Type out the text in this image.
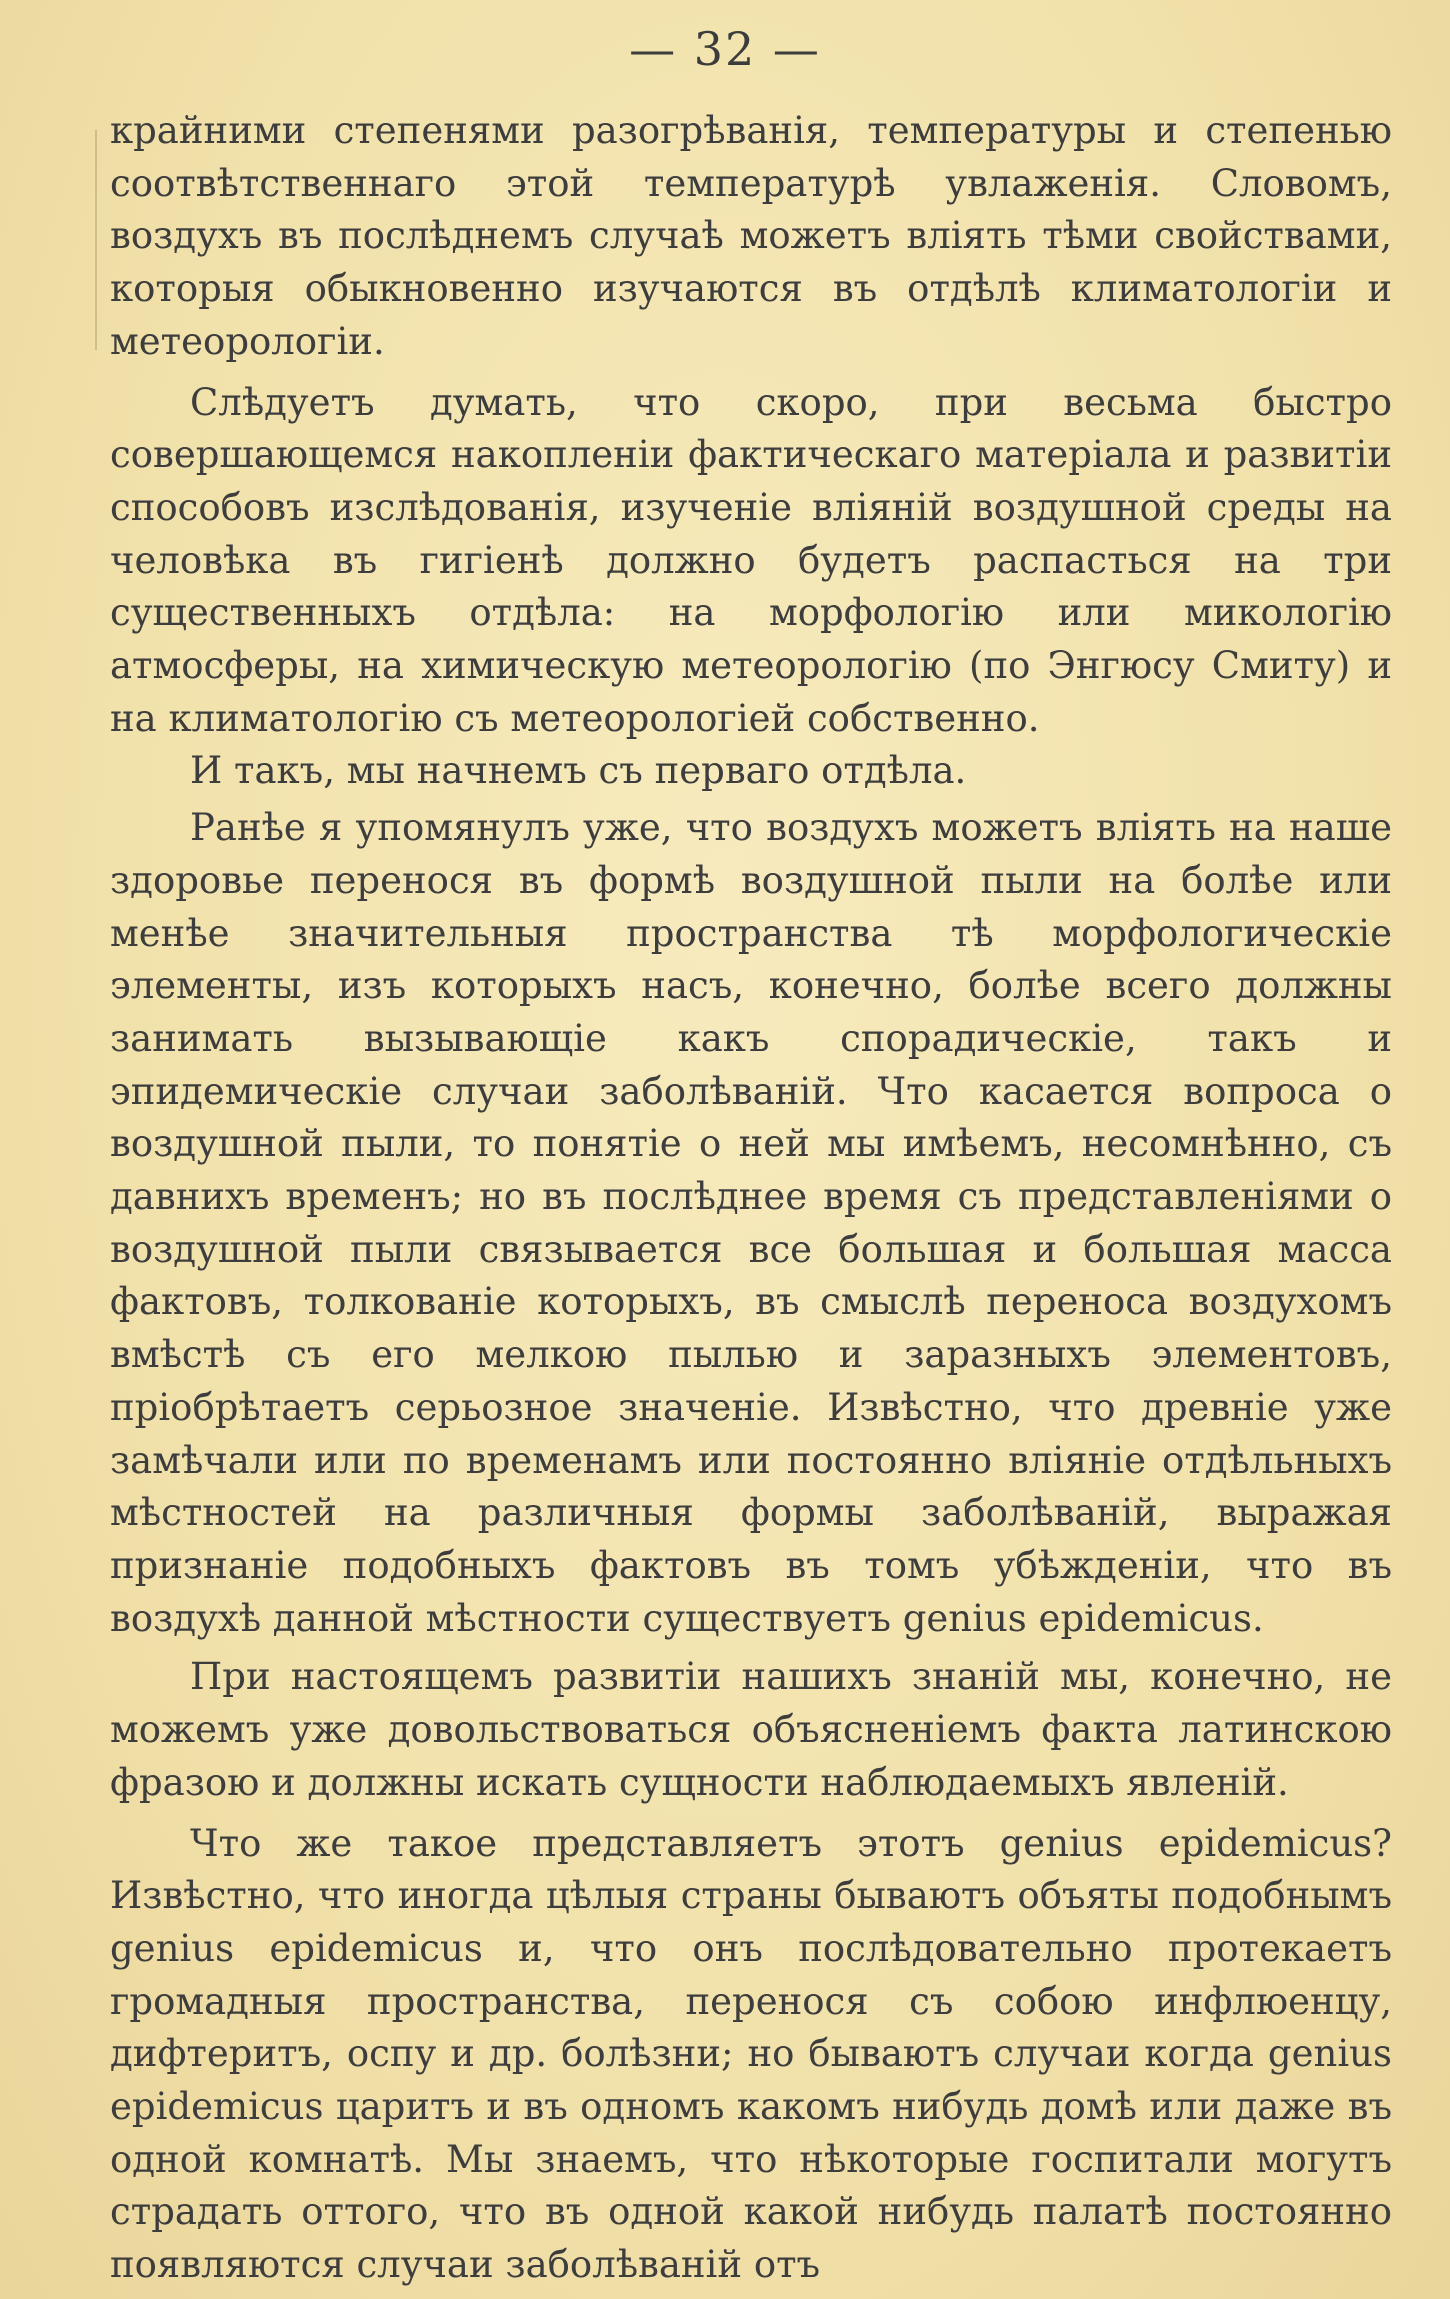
— 32 —

крайними степенями разогрѣванія, температуры и степенью соотвѣтственнаго этой температурѣ увлаженія. Словомъ, воздухъ въ послѣднемъ случаѣ можетъ вліять тѣми свойствами, которыя обыкновенно изучаются въ отдѣлѣ климатологіи и метеорологіи.

Слѣдуетъ думать, что скоро, при весьма быстро совершающемся накопленіи фактическаго матеріала и развитіи способовъ изслѣдованія, изученіе вліяній воздушной среды на человѣка въ гигіенѣ должно будетъ распасться на три существенныхъ отдѣла: на морфологію или микологію атмосферы, на химическую метеорологію (по Энгюсу Смиту) и на климатологію съ метеорологіей собственно.

И такъ, мы начнемъ съ перваго отдѣла.

Ранѣе я упомянулъ уже, что воздухъ можетъ вліять на наше здоровье перенося въ формѣ воздушной пыли на болѣе или менѣе значительныя пространства тѣ морфологическіе элементы, изъ которыхъ насъ, конечно, болѣе всего должны занимать вызывающіе какъ спорадическіе, такъ и эпидемическіе случаи заболѣваній. Что касается вопроса о воздушной пыли, то понятіе о ней мы имѣемъ, несомнѣнно, съ давнихъ временъ; но въ послѣднее время съ представленіями о воздушной пыли связывается все большая и большая масса фактовъ, толкованіе которыхъ, въ смыслѣ переноса воздухомъ вмѣстѣ съ его мелкою пылью и заразныхъ элементовъ, пріобрѣтаетъ серьозное значеніе. Извѣстно, что древніе уже замѣчали или по временамъ или постоянно вліяніе отдѣльныхъ мѣстностей на различныя формы заболѣваній, выражая признаніе подобныхъ фактовъ въ томъ убѣжденіи, что въ воздухѣ данной мѣстности существуетъ genius epidemicus.

При настоящемъ развитіи нашихъ знаній мы, конечно, не можемъ уже довольствоваться объясненіемъ факта латинскою фразою и должны искать сущности наблюдаемыхъ явленій.

Что же такое представляетъ этотъ genius epidemicus? Извѣстно, что иногда цѣлыя страны бываютъ объяты подобнымъ genius epidemicus и, что онъ послѣдовательно протекаетъ громадныя пространства, перенося съ собою инфлюенцу, дифтеритъ, оспу и др. болѣзни; но бываютъ случаи когда genius epidemicus царитъ и въ одномъ какомъ нибудь домѣ или даже въ одной комнатѣ. Мы знаемъ, что нѣкоторые госпитали могутъ страдать оттого, что въ одной какой нибудь палатѣ постоянно появляются случаи заболѣваній отъ
